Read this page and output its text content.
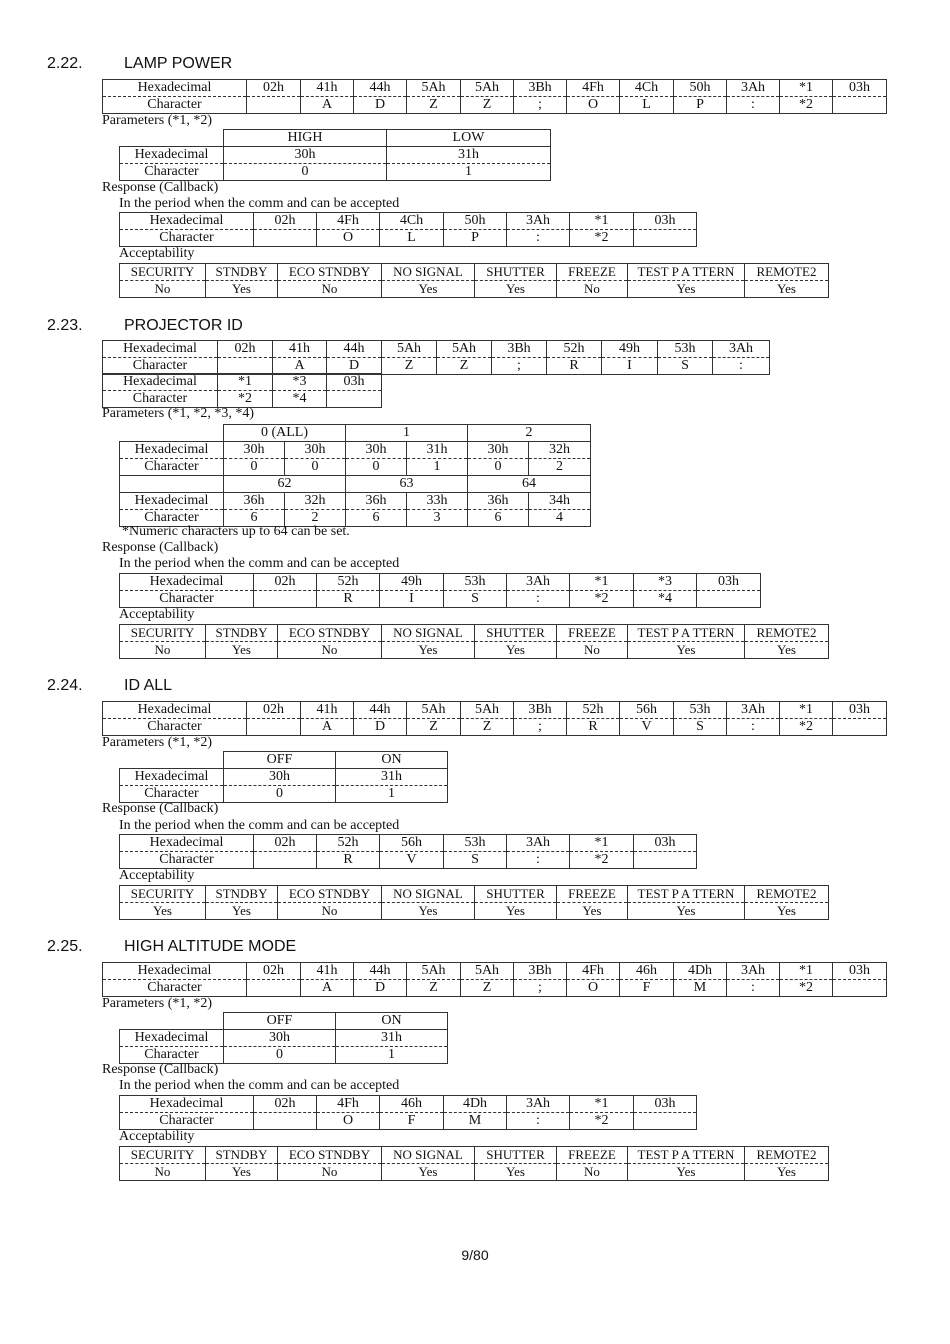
2.22.	LAMP POWER
Hexadecimal	02h	41h	44h	5Ah	5Ah	3Bh	4Fh	4Ch	50h	3Ah	*1	03h
Character		A	D	Z	Z	;	O	L	P	:	*2	
Parameters (*1, *2)
	HIGH	LOW
Hexadecimal	30h	31h
Character	0	1
Response (Callback)
In the period when the comm and can be accepted
Hexadecimal	02h	4Fh	4Ch	50h	3Ah	*1	03h
Character		O	L	P	:	*2	
Acceptability
SECURITY	STNDBY	ECO STNDBY	NO SIGNAL	SHUTTER	FREEZE	TEST P A TTERN	REMOTE2
No	Yes	No	Yes	Yes	No	Yes	Yes
2.23.	PROJECTOR ID
Hexadecimal	02h	41h	44h	5Ah	5Ah	3Bh	52h	49h	53h	3Ah
Character		A	D	Z	Z	;	R	I	S	:
Hexadecimal	*1	*3	03h
Character	*2	*4	
Parameters (*1, *2, *3, *4)
	0 (ALL)		1		2	
Hexadecimal	30h	30h	30h	31h	30h	32h
Character	0	0	0	1	0	2
	62		63		64	
Hexadecimal	36h	32h	36h	33h	36h	34h
Character	6	2	6	3	6	4
*Numeric characters up to 64 can be set.
Response (Callback)
In the period when the comm and can be accepted
Hexadecimal	02h	52h	49h	53h	3Ah	*1	*3	03h
Character		R	I	S	:	*2	*4	
Acceptability
SECURITY	STNDBY	ECO STNDBY	NO SIGNAL	SHUTTER	FREEZE	TEST P A TTERN	REMOTE2
No	Yes	No	Yes	Yes	No	Yes	Yes
2.24.	ID ALL
Hexadecimal	02h	41h	44h	5Ah	5Ah	3Bh	52h	56h	53h	3Ah	*1	03h
Character		A	D	Z	Z	;	R	V	S	:	*2	
Parameters (*1, *2)
	OFF	ON
Hexadecimal	30h	31h
Character	0	1
Response (Callback)
In the period when the comm and can be accepted
Hexadecimal	02h	52h	56h	53h	3Ah	*1	03h
Character		R	V	S	:	*2	
Acceptability
SECURITY	STNDBY	ECO STNDBY	NO SIGNAL	SHUTTER	FREEZE	TEST P A TTERN	REMOTE2
Yes	Yes	No	Yes	Yes	Yes	Yes	Yes
2.25.	HIGH ALTITUDE MODE
Hexadecimal	02h	41h	44h	5Ah	5Ah	3Bh	4Fh	46h	4Dh	3Ah	*1	03h
Character		A	D	Z	Z	;	O	F	M	:	*2	
Parameters (*1, *2)
	OFF	ON
Hexadecimal	30h	31h
Character	0	1
Response (Callback)
In the period when the comm and can be accepted
Hexadecimal	02h	4Fh	46h	4Dh	3Ah	*1	03h
Character		O	F	M	:	*2	
Acceptability
SECURITY	STNDBY	ECO STNDBY	NO SIGNAL	SHUTTER	FREEZE	TEST P A TTERN	REMOTE2
No	Yes	No	Yes	Yes	No	Yes	Yes
9/80
